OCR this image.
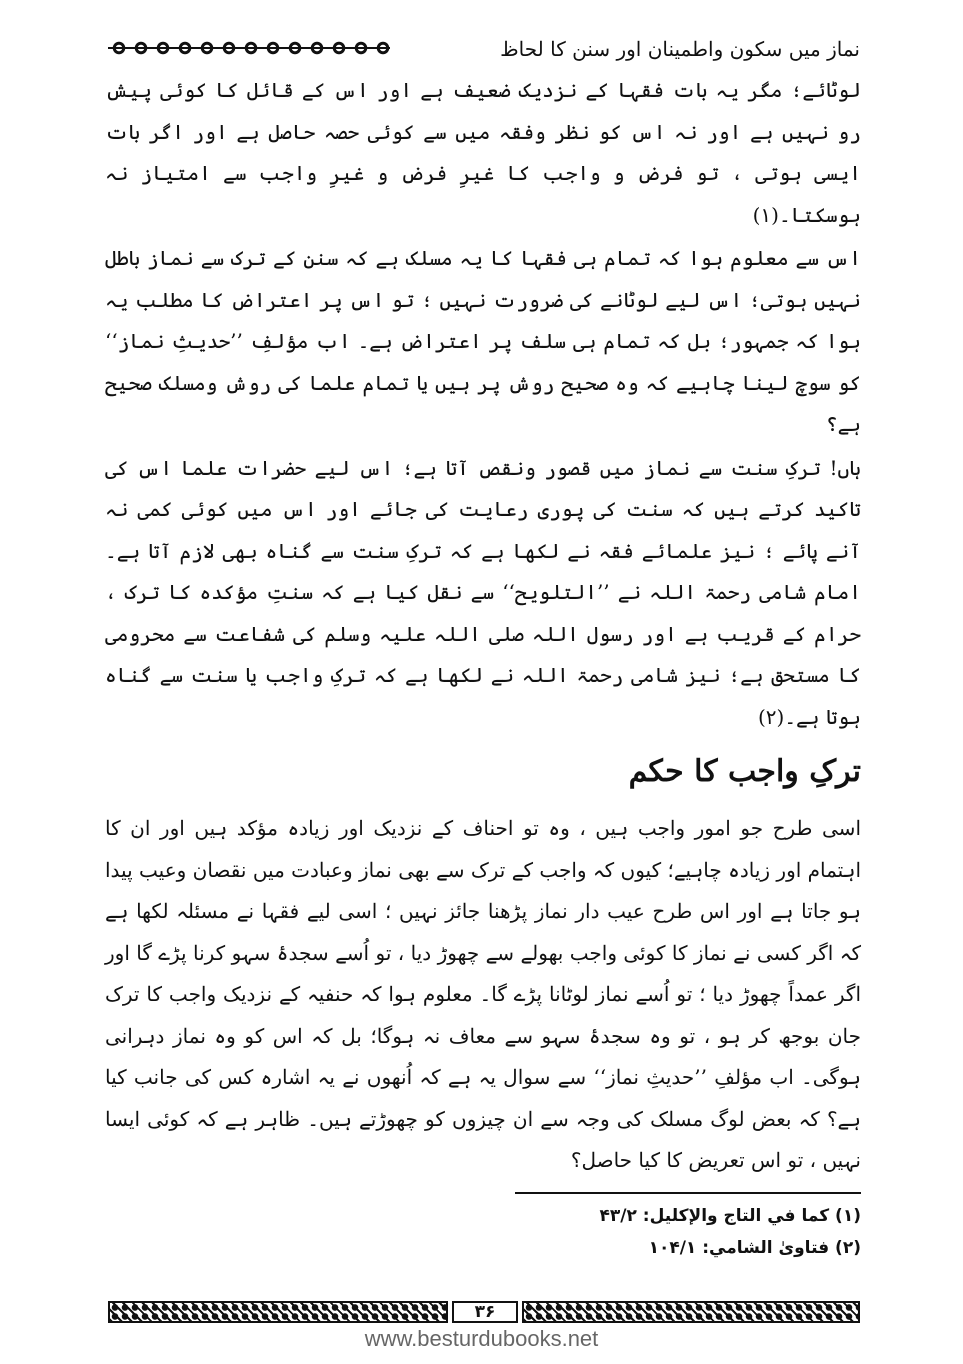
نماز میں سکون واطمینان اور سنن کا لحاظ

لوٹائے؛ مگر یہ بات فقہا کے نزدیک ضعیف ہے اور اس کے قائل کا کوئی پیش رو نہیں ہے اور نہ اس کو نظر وفقہ میں سے کوئی حصہ حاصل ہے اور اگر بات ایسی ہوتی ، تو فرض و واجب کا غیرِ فرض و غیرِ واجب سے امتیاز نہ ہوسکتا۔(۱)

اس سے معلوم ہوا کہ تمام ہی فقہا کا یہ مسلک ہے کہ سنن کے ترک سے نماز باطل نہیں ہوتی؛ اس لیے لوٹانے کی ضرورت نہیں ؛ تو اس پر اعتراض کا مطلب یہ ہوا کہ جمہور؛ بل کہ تمام ہی سلف پر اعتراض ہے۔ اب مؤلفِ ’’حدیثِ نماز‘‘ کو سوچ لینا چاہیے کہ وہ صحیح روش پر ہیں یا تمام علما کی روش ومسلک صحیح ہے؟

ہاں! ترکِ سنت سے نماز میں قصور ونقص آتا ہے؛ اس لیے حضرات علما اس کی تاکید کرتے ہیں کہ سنت کی پوری رعایت کی جائے اور اس میں کوئی کمی نہ آنے پائے ؛ نیز علمائے فقہ نے لکھا ہے کہ ترکِ سنت سے گناہ بھی لازم آتا ہے۔ امام شامی رحمۃ اللہ نے ’’التلویح‘‘ سے نقل کیا ہے کہ سنتِ مؤکدہ کا ترک ، حرام کے قریب ہے اور رسول اللہ صلی اللہ علیہ وسلم کی شفاعت سے محرومی کا مستحق ہے؛ نیز شامی رحمۃ اللہ نے لکھا ہے کہ ترکِ واجب یا سنت سے گناہ ہوتا ہے۔(۲)

ترکِ واجب کا حکم

اسی طرح جو امور واجب ہیں ، وہ تو احناف کے نزدیک اور زیادہ مؤکد ہیں اور ان کا اہتمام اور زیادہ چاہیے؛ کیوں کہ واجب کے ترک سے بھی نماز وعبادت میں نقصان وعیب پیدا ہو جاتا ہے اور اس طرح عیب دار نماز پڑھنا جائز نہیں ؛ اسی لیے فقہا نے مسئلہ لکھا ہے کہ اگر کسی نے نماز کا کوئی واجب بھولے سے چھوڑ دیا ، تو اُسے سجدۂ سہو کرنا پڑے گا اور اگر عمداً چھوڑ دیا ؛ تو اُسے نماز لوٹانا پڑے گا۔ معلوم ہوا کہ حنفیہ کے نزدیک واجب کا ترک جان بوجھ کر ہو ، تو وہ سجدۂ سہو سے معاف نہ ہوگا؛ بل کہ اس کو وہ نماز دہرانی ہوگی۔ اب مؤلفِ ’’حدیثِ نماز‘‘ سے سوال یہ ہے کہ اُنھوں نے یہ اشارہ کس کی جانب کیا ہے؟ کہ بعض لوگ مسلک کی وجہ سے ان چیزوں کو چھوڑتے ہیں۔ ظاہر ہے کہ کوئی ایسا نہیں ، تو اس تعریض کا کیا حاصل؟

(۱) كما في التاج والإكليل: ۴۳/۲
(۲) فتاوىٰ الشامي: ۱۰۴/۱
۳۶
www.besturdubooks.net
